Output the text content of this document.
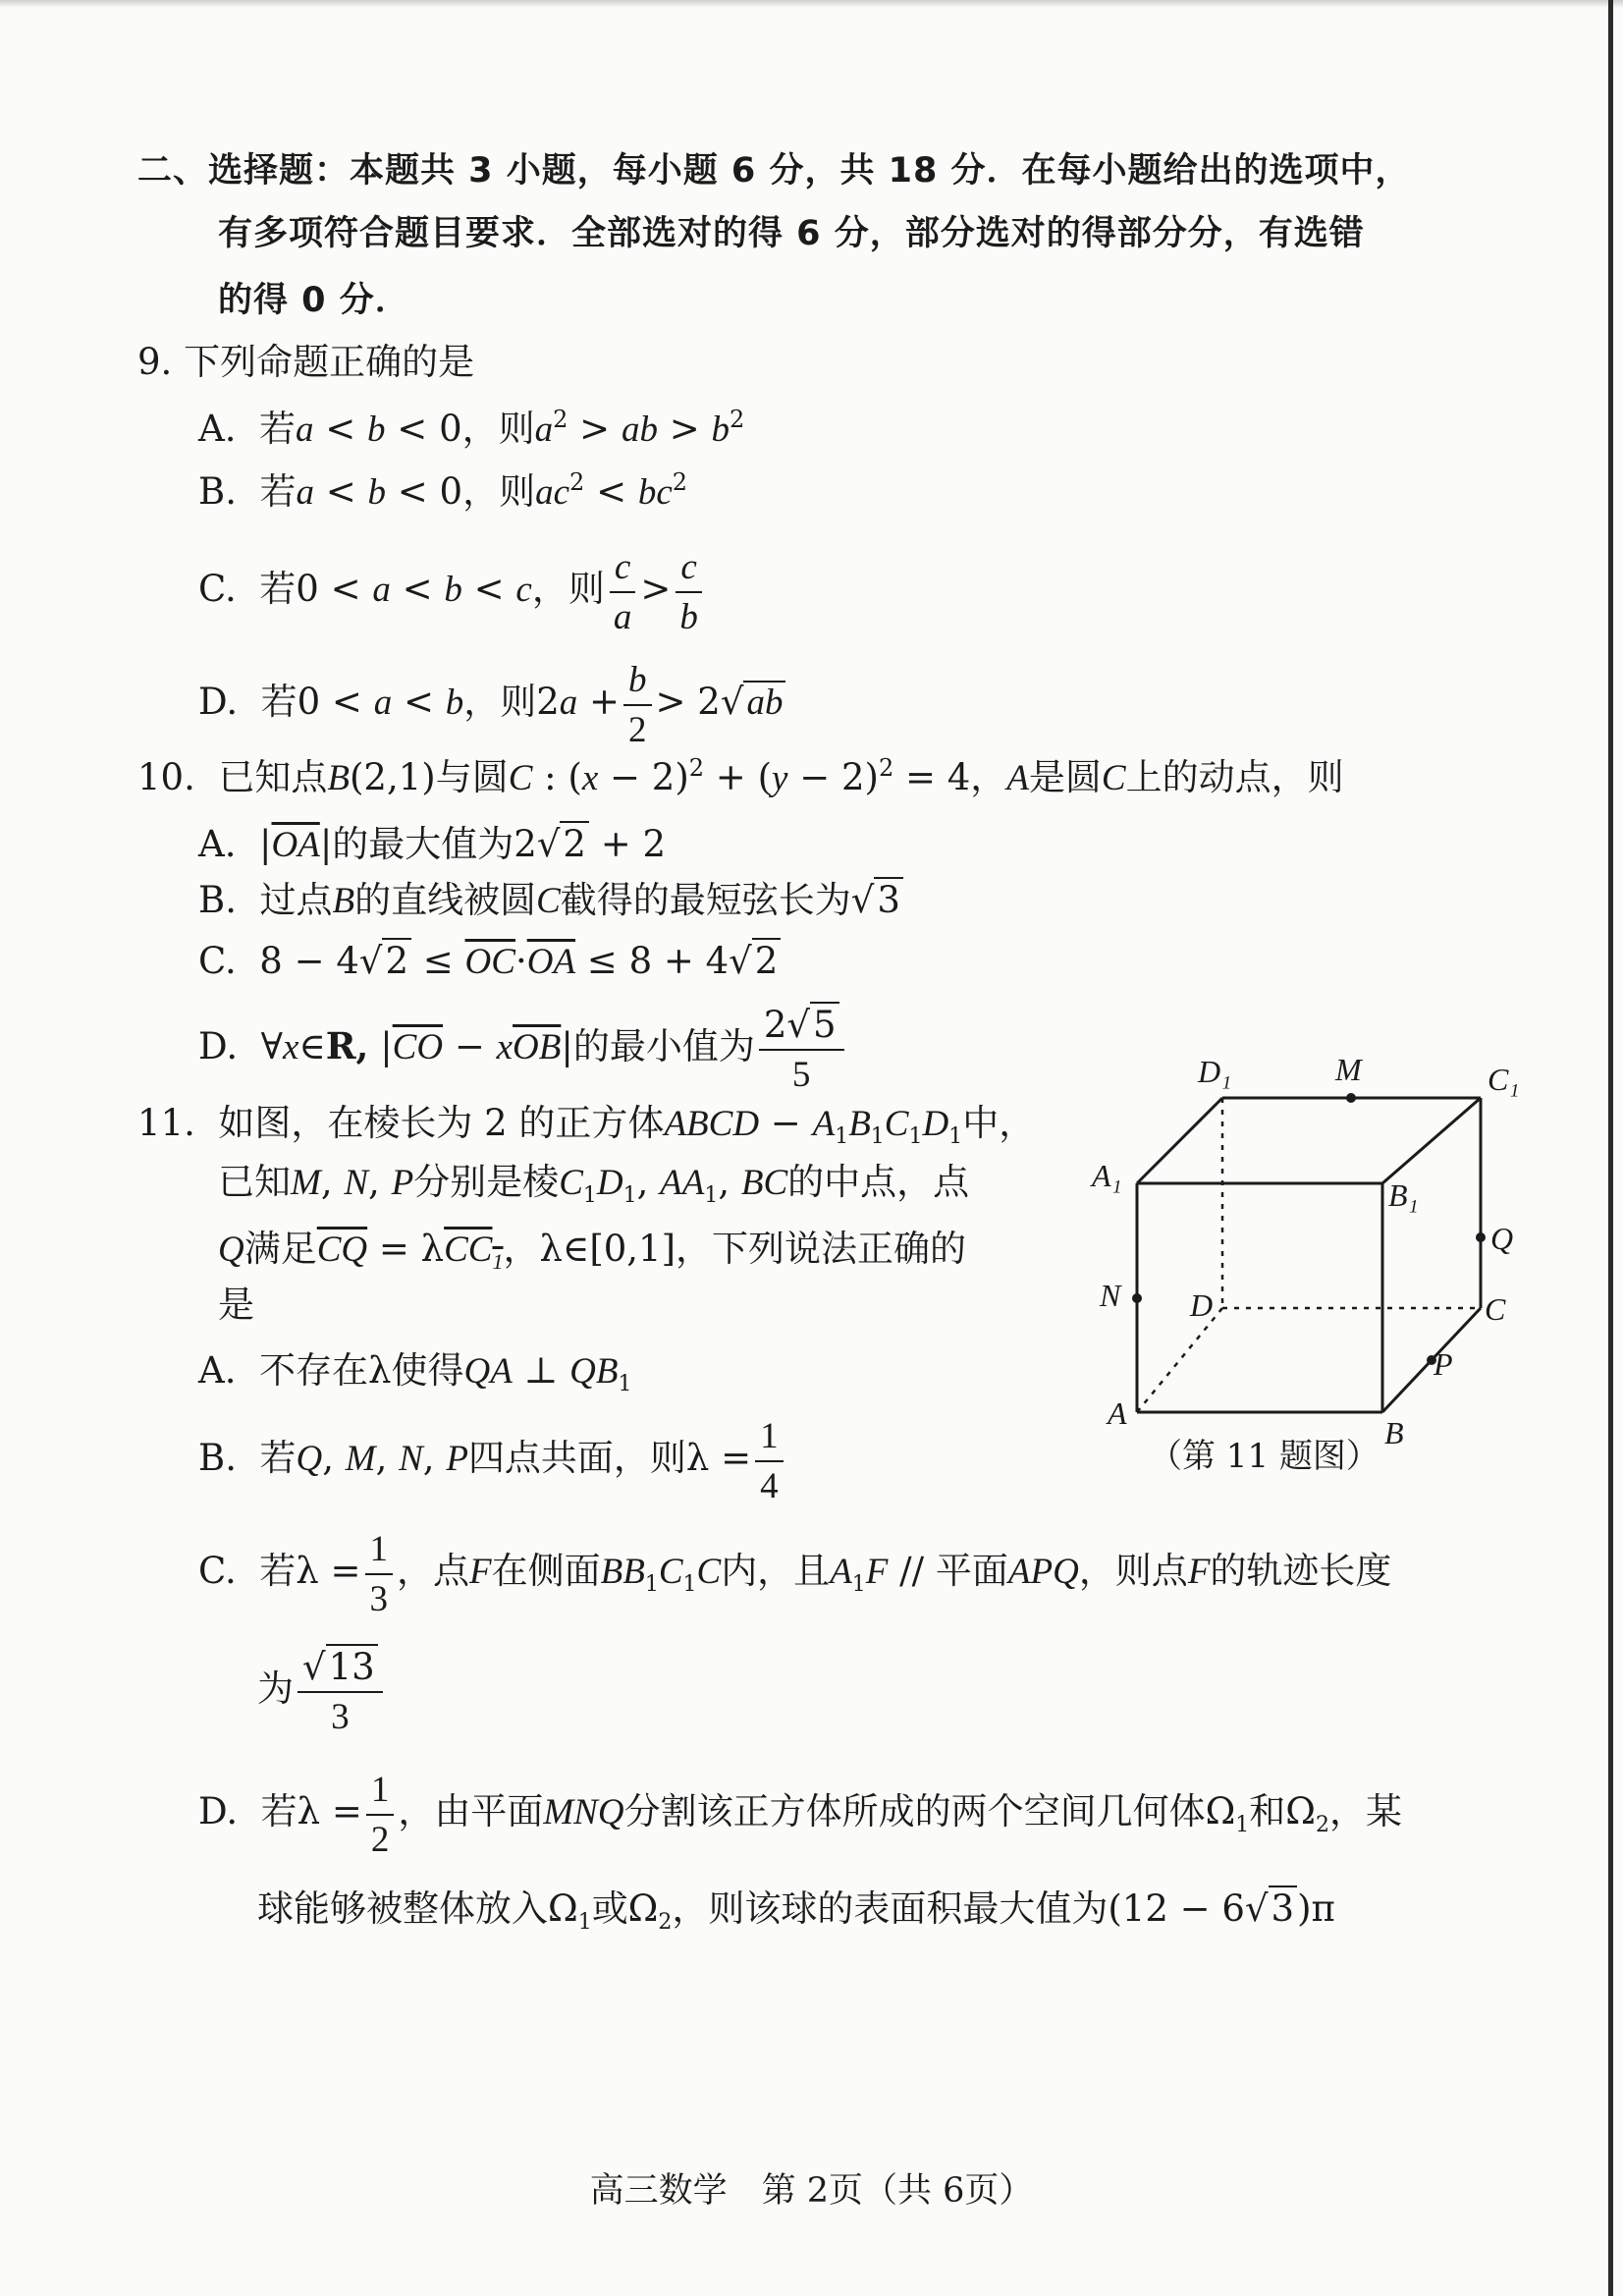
二、选择题：本题共 3 小题，每小题 6 分，共 18 分．在每小题给出的选项中，
有多项符合题目要求．全部选对的得 6 分，部分选对的得部分分，有选错
的得 0 分．
9. 下列命题正确的是
A.  若a < b < 0，则$a^2$ > ab > $b^2$
B.  若a < b < 0，则$ac^2 < bc^2$
C.  若0 < a < b < c，则 $\frac{c}{a} > \frac{c}{b}$
D.  若0 < a < b，则$2a + \frac{b}{2} > 2√ab$
10.  已知点B(2,1)与圆C : $(x - 2)^2 + (y - 2)^2 = 4$，A是圆C上的动点，则
A.  $|\overline{OA}|$的最大值为2√2 + 2
B.  过点B的直线被圆C截得的最短弦长为√3
C.  $8 - 4√2 \le \overline{OC}\cdot\overline{OA} \le 8 + 4√2$
D.  ∀x∈R, $|\overline{CO} - x\overline{OB}|$的最小值为 $\frac{2√5}{5}$
11.  如图，在棱长为 2 的正方体ABCD − $A_1B_1C_1D_1$中，
已知M, N, P分别是棱$C_1D_1$, $AA_1$, BC的中点，点
Q满足$\overline{CQ} = \lambda CC_1$，λ∈[0,1]，下列说法正确的
是
A.  不存在λ使得QA ⊥ $QB_1$
B.  若Q, M, N, P四点共面，则$\lambda = \frac{1}{4}$
C.  若$\lambda = \frac{1}{3}$ ，点F在侧面$BB_1C_1C$内，且$A_1F$ // 平面APQ，则点F的轨迹长度
为 $\frac{√13}{3}$
D.  若$\lambda = \frac{1}{2}$ ，由平面MNQ分割该正方体所成的两个空间几何体$\Omega_1$和$\Omega_2$，某
球能够被整体放入$\Omega_1$或$\Omega_2$，则该球的表面积最大值为(12 − 6√3)π
D₁	M	C₁
A₁
B₁
Q
N D	C
P
A
B
（第 11 题图）
高三数学　第 2页（共 6页）
